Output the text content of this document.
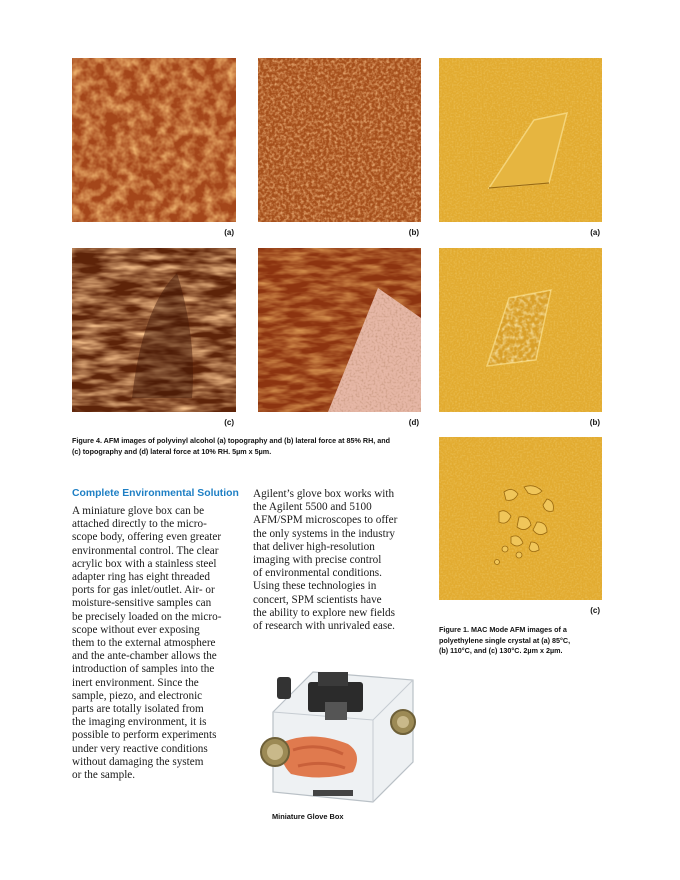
(a)	(b)
(c)	(d)
Figure 4. AFM images of polyvinyl alcohol (a) topography and (b) lateral force at 85% RH, and
(c) topography and (d) lateral force at 10% RH. 5µm x 5µm.
(a)
(b)
(c)
Figure 1. MAC Mode AFM images of a
polyethylene single crystal at (a) 85°C,
(b) 110°C, and (c) 130°C. 2µm x 2µm.
Complete Environmental Solution
A miniature glove box can be
attached directly to the micro-
scope body, offering even greater
environmental control. The clear
acrylic box with a stainless steel
adapter ring has eight threaded
ports for gas inlet/outlet. Air- or
moisture-sensitive samples can
be precisely loaded on the micro-
scope without ever exposing
them to the external atmosphere
and the ante-chamber allows the
introduction of samples into the
inert environment. Since the
sample, piezo, and electronic
parts are totally isolated from
the imaging environment, it is
possible to perform experiments
under very reactive conditions
without damaging the system
or the sample.
Agilent’s glove box works with
the Agilent 5500 and 5100
AFM/SPM microscopes to offer
the only systems in the industry
that deliver high-resolution
imaging with precise control
of environmental conditions.
Using these technologies in
concert, SPM scientists have
the ability to explore new fields
of research with unrivaled ease.
Miniature Glove Box
